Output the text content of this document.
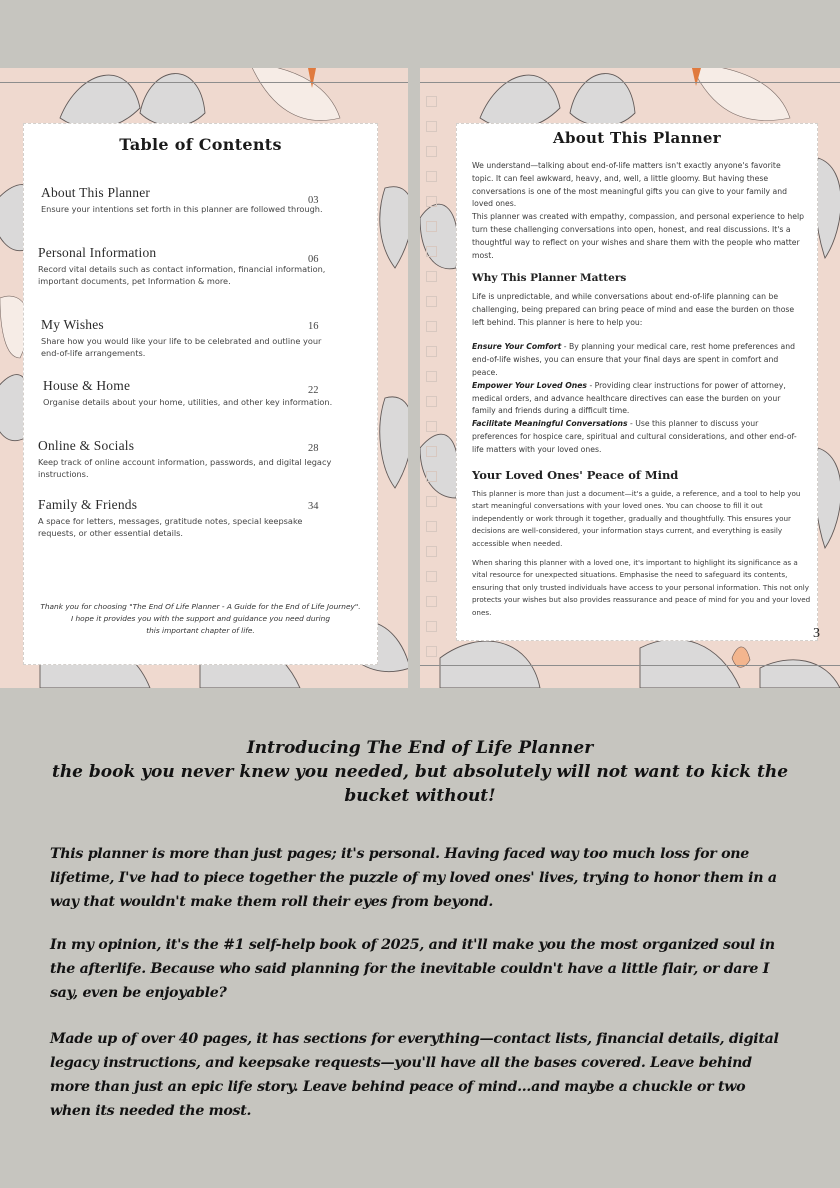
Table of Contents
About This Planner
Ensure your intentions set forth in this planner are followed through.
03
Personal Information
Record vital details such as contact information, financial information, important documents, pet Information & more.
06
My Wishes
Share how you would like your life to be celebrated and outline your end-of-life arrangements.
16
House & Home
Organise details about your home, utilities, and other key information.
22
Online & Socials
Keep track of online account information, passwords, and digital legacy instructions.
28
Family & Friends
A space for letters, messages, gratitude notes, special keepsake requests, or other essential details.
34
Thank you for choosing "The End Of Life Planner - A Guide for the End of Life Journey".
I hope it provides you with the support and guidance you need during
this important chapter of life.
About This Planner
We understand—talking about end-of-life matters isn't exactly anyone's favorite topic. It can feel awkward, heavy, and, well, a little gloomy. But having these conversations is one of the most meaningful gifts you can give to your family and loved ones.
This planner was created with empathy, compassion, and personal experience to help turn these challenging conversations into open, honest, and real discussions. It's a thoughtful way to reflect on your wishes and share them with the people who matter most.
Why This Planner Matters
Life is unpredictable, and while conversations about end-of-life planning can be challenging, being prepared can bring peace of mind and ease the burden on those left behind. This planner is here to help you:
Ensure Your Comfort - By planning your medical care, rest home preferences and end-of-life wishes, you can ensure that your final days are spent in comfort and peace.
Empower Your Loved Ones - Providing clear instructions for power of attorney, medical orders, and advance healthcare directives can ease the burden on your family and friends during a difficult time.
Facilitate Meaningful Conversations - Use this planner to discuss your preferences for hospice care, spiritual and cultural considerations, and other end-of-life matters with your loved ones.
Your Loved Ones' Peace of Mind
This planner is more than just a document—it's a guide, a reference, and a tool to help you start meaningful conversations with your loved ones. You can choose to fill it out independently or work through it together, gradually and thoughtfully. This ensures your decisions are well-considered, your information stays current, and everything is easily accessible when needed.
When sharing this planner with a loved one, it's important to highlight its significance as a vital resource for unexpected situations. Emphasise the need to safeguard its contents, ensuring that only trusted individuals have access to your personal information. This not only protects your wishes but also provides reassurance and peace of mind for you and your loved ones.
3
Introducing The End of Life Planner
the book you never knew you needed, but absolutely will not want to kick the bucket without!
This planner is more than just pages; it's personal. Having faced way too much loss for one lifetime, I've had to piece together the puzzle of my loved ones' lives, trying to honor them in a way that wouldn't make them roll their eyes from beyond.
In my opinion, it's the #1 self-help book of 2025, and it'll make you the most organized soul in the afterlife. Because who said planning for the inevitable couldn't have a little flair, or dare I say, even be enjoyable?
Made up of over 40 pages, it has sections for everything—contact lists, financial details, digital legacy instructions, and keepsake requests—you'll have all the bases covered. Leave behind more than just an epic life story. Leave behind peace of mind...and maybe a chuckle or two when its needed the most.
